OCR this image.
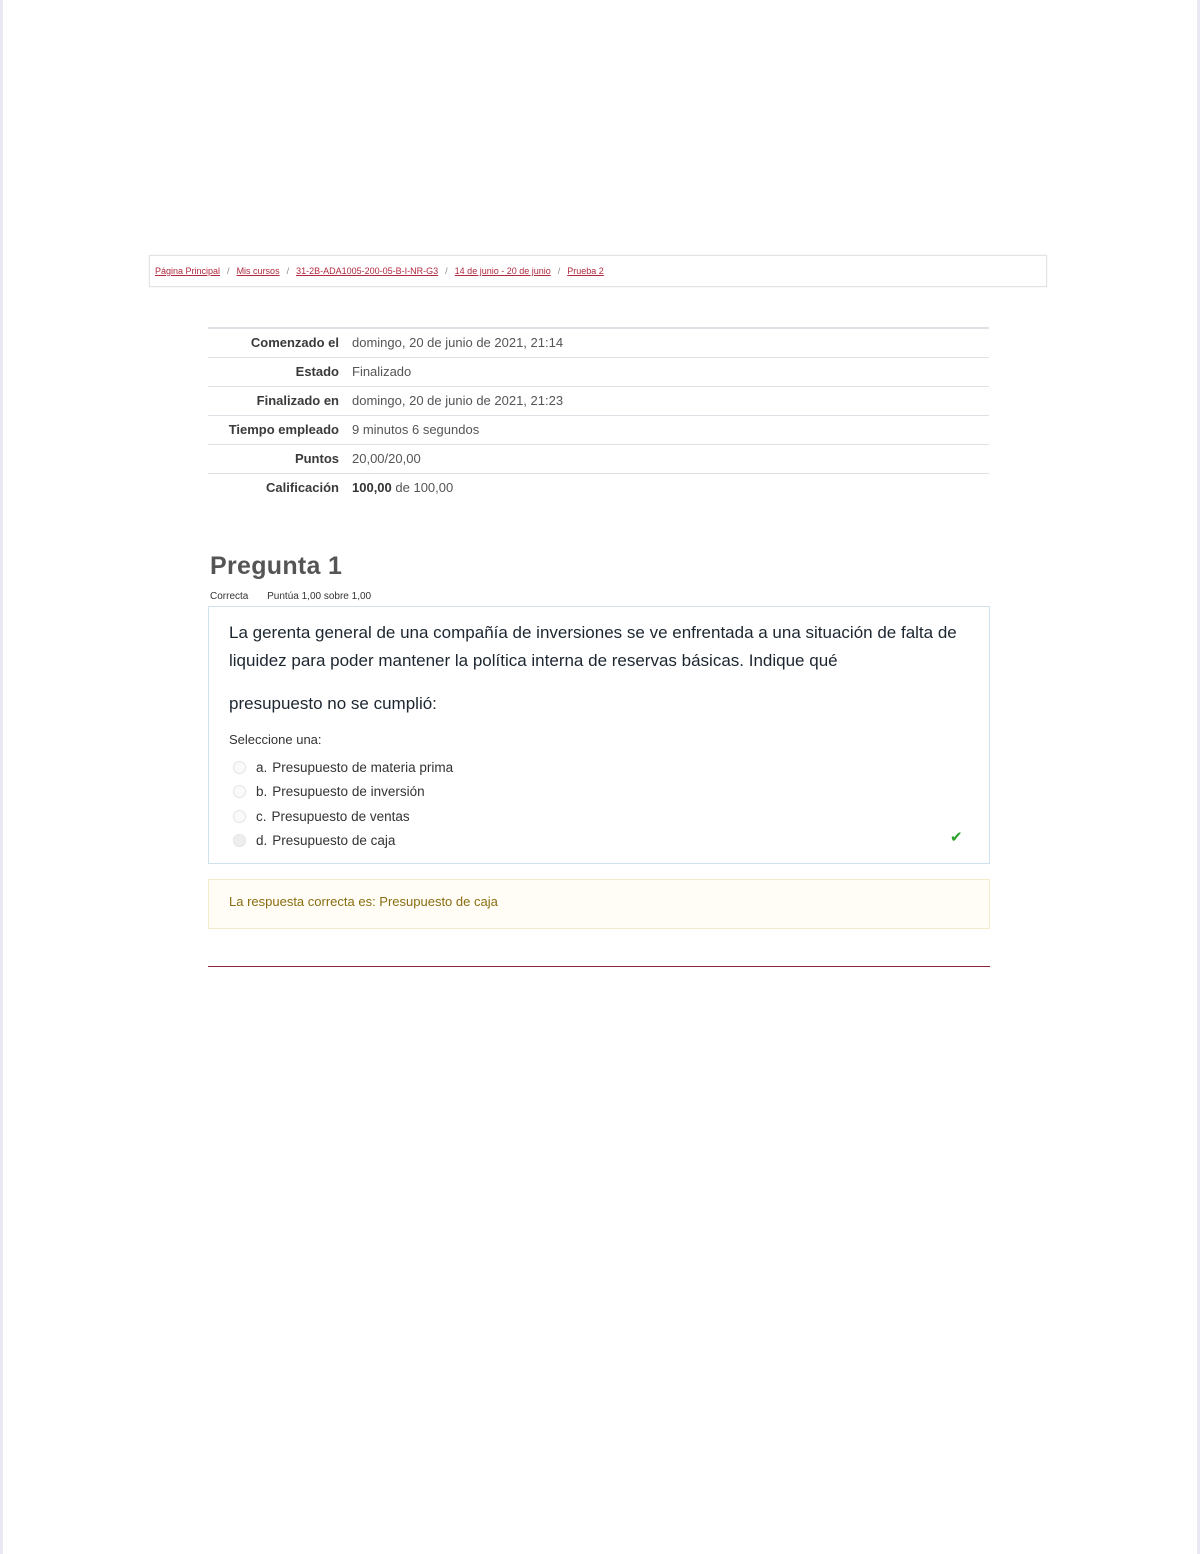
Página Principal / Mis cursos / 31-2B-ADA1005-200-05-B-I-NR-G3 / 14 de junio - 20 de junio / Prueba 2
Comenzado el	domingo, 20 de junio de 2021, 21:14
Estado	Finalizado
Finalizado en	domingo, 20 de junio de 2021, 21:23
Tiempo empleado	9 minutos 6 segundos
Puntos	20,00/20,00
Calificación	100,00 de 100,00
Pregunta 1
Correcta Puntúa 1,00 sobre 1,00
La gerenta general de una compañía de inversiones se ve enfrentada a una situación de falta de liquidez para poder mantener la política interna de reservas básicas. Indique qué
presupuesto no se cumplió:
Seleccione una:
a. Presupuesto de materia prima
b. Presupuesto de inversión
c. Presupuesto de ventas
d. Presupuesto de caja	✔
La respuesta correcta es: Presupuesto de caja
